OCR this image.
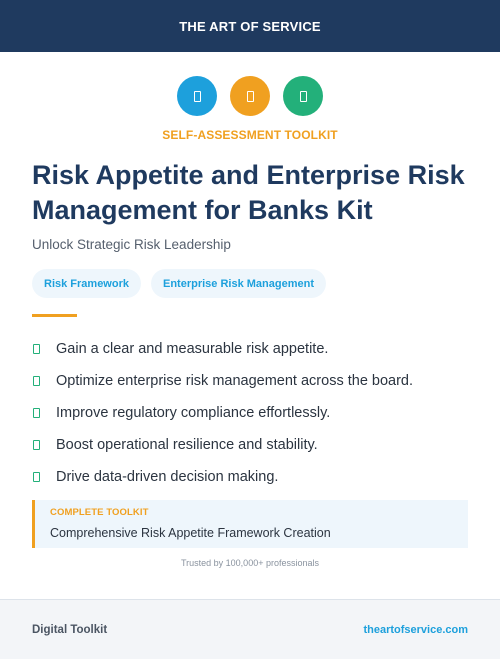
THE ART OF SERVICE
SELF-ASSESSMENT TOOLKIT
Risk Appetite and Enterprise Risk Management for Banks Kit
Unlock Strategic Risk Leadership
Risk Framework	Enterprise Risk Management
Gain a clear and measurable risk appetite.
Optimize enterprise risk management across the board.
Improve regulatory compliance effortlessly.
Boost operational resilience and stability.
Drive data-driven decision making.
COMPLETE TOOLKIT
Comprehensive Risk Appetite Framework Creation
Trusted by 100,000+ professionals
Digital Toolkit	theartofservice.com
